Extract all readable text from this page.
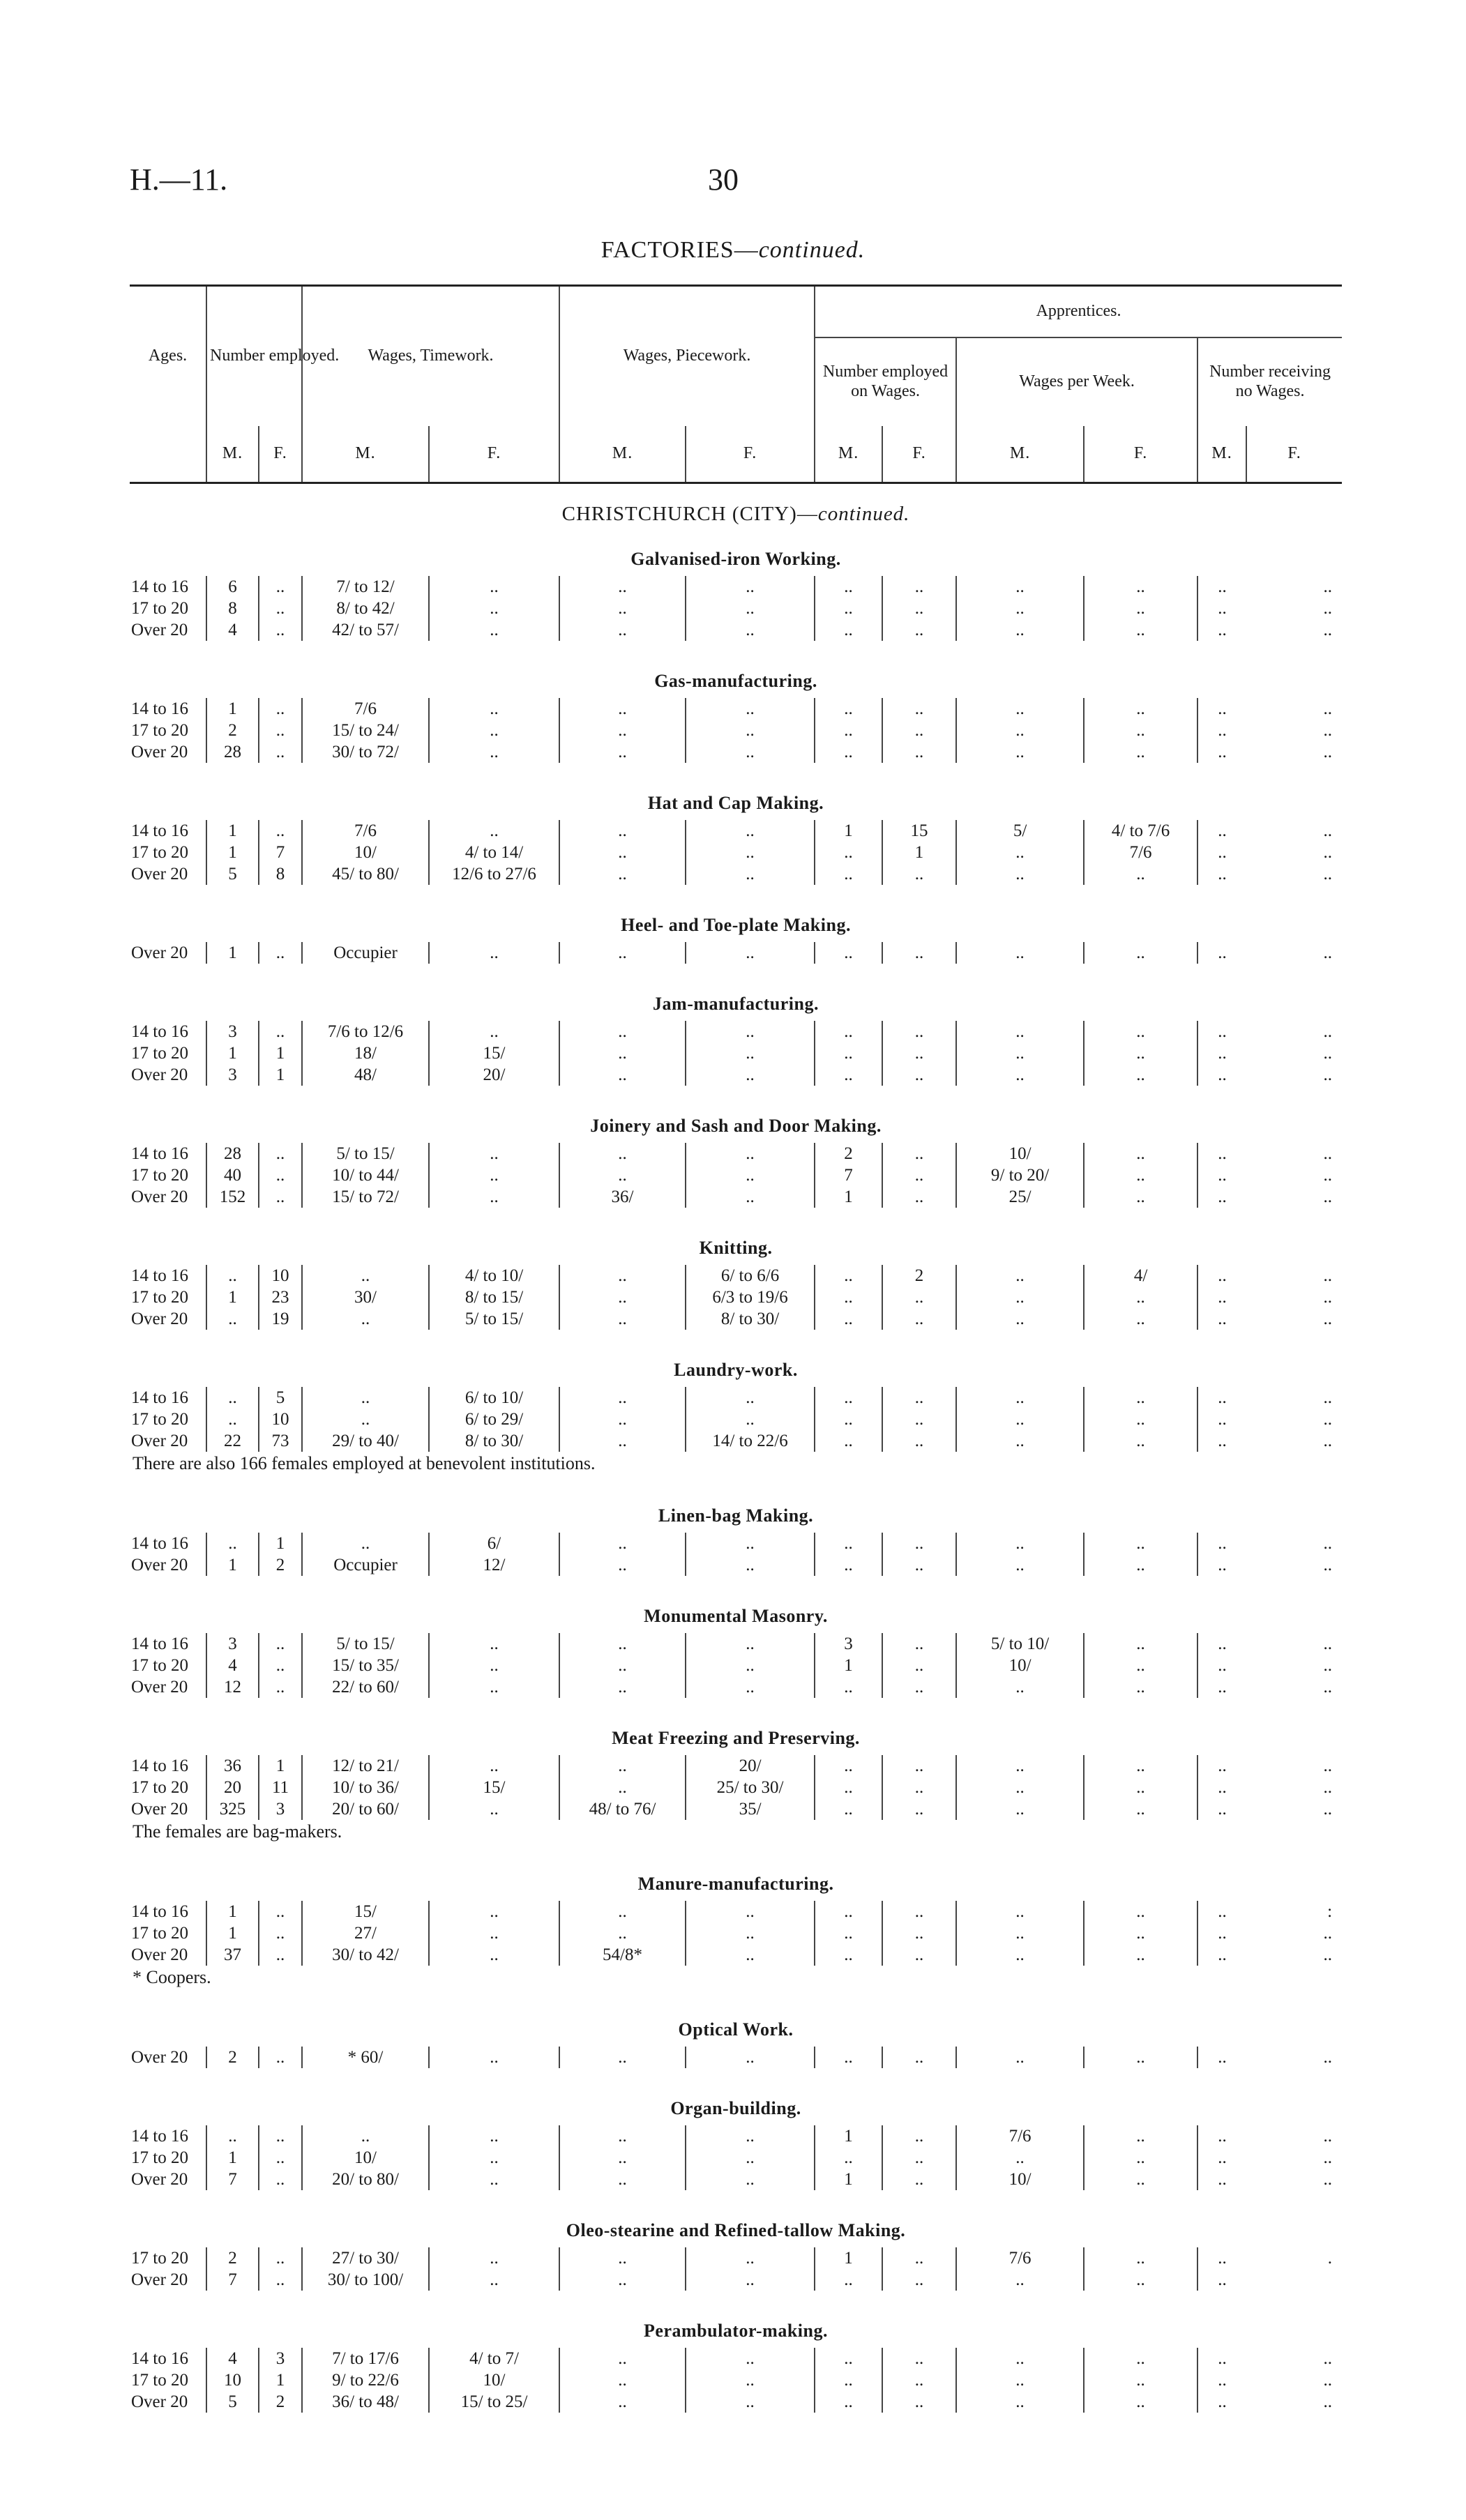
H.—11.	30
FACTORIES—continued.
Ages.	Number employed.		Wages, Timework.		Wages, Piecework.		Apprentices.					
							Number employed on Wages.		Wages per Week.		Number receiving no Wages.	
	M.	F.	M.	F.	M.	F.	M.	F.	M.	F.	M.	F.
CHRISTCHURCH (CITY)—continued.												
Galvanised-iron Working.												
14 to 16	6	..	7/ to 12/	..	..	..	..	..	..	..	..	..
17 to 20	8	..	8/ to 42/	..	..	..	..	..	..	..	..	..
Over 20	4	..	42/ to 57/	..	..	..	..	..	..	..	..	..

Gas-manufacturing.												
14 to 16	1	..	7/6	..	..	..	..	..	..	..	..	..
17 to 20	2	..	15/ to 24/	..	..	..	..	..	..	..	..	..
Over 20	28	..	30/ to 72/	..	..	..	..	..	..	..	..	..

Hat and Cap Making.												
14 to 16	1	..	7/6	..	..	..	1	15	5/	4/ to 7/6	..	..
17 to 20	1	7	10/	4/ to 14/	..	..	..	1	..	7/6	..	..
Over 20	5	8	45/ to 80/	12/6 to 27/6	..	..	..	..	..	..	..	..

Heel- and Toe-plate Making.												
Over 20	1	..	Occupier	..	..	..	..	..	..	..	..	..

Jam-manufacturing.												
14 to 16	3	..	7/6 to 12/6	..	..	..	..	..	..	..	..	..
17 to 20	1	1	18/	15/	..	..	..	..	..	..	..	..
Over 20	3	1	48/	20/	..	..	..	..	..	..	..	..

Joinery and Sash and Door Making.												
14 to 16	28	..	5/ to 15/	..	..	..	2	..	10/	..	..	..
17 to 20	40	..	10/ to 44/	..	..	..	7	..	9/ to 20/	..	..	..
Over 20	152	..	15/ to 72/	..	36/	..	1	..	25/	..	..	..

Knitting.												
14 to 16	..	10	..	4/ to 10/	..	6/ to 6/6	..	2	..	4/	..	..
17 to 20	1	23	30/	8/ to 15/	..	6/3 to 19/6	..	..	..	..	..	..
Over 20	..	19	..	5/ to 15/	..	8/ to 30/	..	..	..	..	..	..

Laundry-work.												
14 to 16	..	5	..	6/ to 10/	..	..	..	..	..	..	..	..
17 to 20	..	10	..	6/ to 29/	..	..	..	..	..	..	..	..
Over 20	22	73	29/ to 40/	8/ to 30/	..	14/ to 22/6	..	..	..	..	..	..
There are also 166 females employed at benevolent institutions.												

Linen-bag Making.												
14 to 16	..	1	..	6/	..	..	..	..	..	..	..	..
Over 20	1	2	Occupier	12/	..	..	..	..	..	..	..	..

Monumental Masonry.												
14 to 16	3	..	5/ to 15/	..	..	..	3	..	5/ to 10/	..	..	..
17 to 20	4	..	15/ to 35/	..	..	..	1	..	10/	..	..	..
Over 20	12	..	22/ to 60/	..	..	..	..	..	..	..	..	..

Meat Freezing and Preserving.												
14 to 16	36	1	12/ to 21/	..	..	20/	..	..	..	..	..	..
17 to 20	20	11	10/ to 36/	15/	..	25/ to 30/	..	..	..	..	..	..
Over 20	325	3	20/ to 60/	..	48/ to 76/	35/	..	..	..	..	..	..
The females are bag-makers.												

Manure-manufacturing.												
14 to 16	1	..	15/	..	..	..	..	..	..	..	..	:
17 to 20	1	..	27/	..	..	..	..	..	..	..	..	..
Over 20	37	..	30/ to 42/	..	54/8*	..	..	..	..	..	..	..
* Coopers.												

Optical Work.												
Over 20	2	..	* 60/	..	..	..	..	..	..	..	..	..

Organ-building.												
14 to 16	..	..	..	..	..	..	1	..	7/6	..	..	..
17 to 20	1	..	10/	..	..	..	..	..	..	..	..	..
Over 20	7	..	20/ to 80/	..	..	..	1	..	10/	..	..	..

Oleo-stearine and Refined-tallow Making.												
17 to 20	2	..	27/ to 30/	..	..	..	1	..	7/6	..	..	.
Over 20	7	..	30/ to 100/	..	..	..	..	..	..	..	..	

Perambulator-making.												
14 to 16	4	3	7/ to 17/6	4/ to 7/	..	..	..	..	..	..	..	..
17 to 20	10	1	9/ to 22/6	10/	..	..	..	..	..	..	..	..
Over 20	5	2	36/ to 48/	15/ to 25/	..	..	..	..	..	..	..	..
